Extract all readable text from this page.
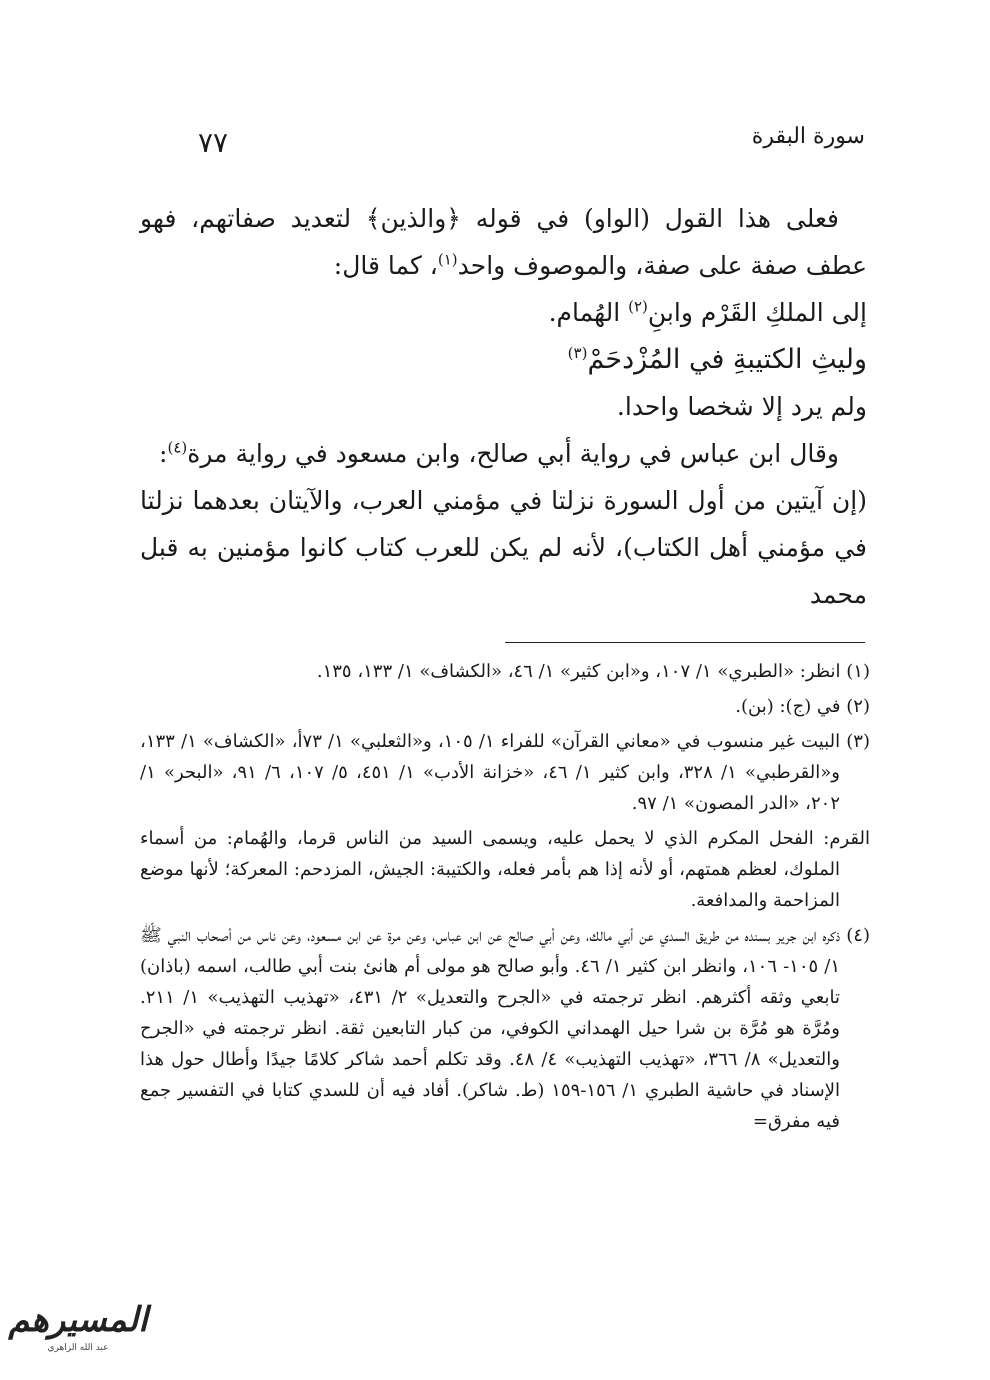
٧٧	سورة البقرة

فعلى هذا القول (الواو) في قوله ﴿والذين﴾ لتعديد صفاتهم، فهو عطف صفة على صفة، والموصوف واحد$^{(١)}$، كما قال:

إلى الملكِ القَرْم وابنِ$^{(٢)}$ الهُمام.

وليثِ الكتيبةِ في المُزْدحَمْ$^{(٣)}$

ولم يرد إلا شخصا واحدا.

وقال ابن عباس في رواية أبي صالح، وابن مسعود في رواية مرة$^{(٤)}$:

(إن آيتين من أول السورة نزلتا في مؤمني العرب، والآيتان بعدهما نزلتا في مؤمني أهل الكتاب)، لأنه لم يكن للعرب كتاب كانوا مؤمنين به قبل محمد

(١) انظر: «الطبري» ١/ ١٠٧، و«ابن كثير» ١/ ٤٦، «الكشاف» ١/ ١٣٣، ١٣٥.

(٢) في (ج): (بن).

(٣) البيت غير منسوب في «معاني القرآن» للفراء ١/ ١٠٥، و«الثعلبي» ١/ ٧٣أ، «الكشاف» ١/ ١٣٣، و«القرطبي» ١/ ٣٢٨، وابن كثير ١/ ٤٦، «خزانة الأدب» ١/ ٤٥١، ٥/ ١٠٧، ٦/ ٩١، «البحر» ١/ ٢٠٢، «الدر المصون» ١/ ٩٧.

القرم: الفحل المكرم الذي لا يحمل عليه، ويسمى السيد من الناس قرما، والهُمام: من أسماء الملوك، لعظم همتهم، أو لأنه إذا هم بأمر فعله، والكتيبة: الجيش، المزدحم: المعركة؛ لأنها موضع المزاحمة والمدافعة.

(٤) ذكره ابن جرير بسنده من طريق السدي عن أبي مالك، وعن أبي صالح عن ابن عباس، وعن مرة عن ابن مسعود، وعن ناس من أصحاب النبي ﷺ ١/ ١٠٥- ١٠٦، وانظر ابن كثير ١/ ٤٦. وأبو صالح هو مولى أم هانئ بنت أبي طالب، اسمه (باذان) تابعي وثقه أكثرهم. انظر ترجمته في «الجرح والتعديل» ٢/ ٤٣١، «تهذيب التهذيب» ١/ ٢١١. ومُرَّة هو مُرَّة بن شرا حيل الهمداني الكوفي، من كبار التابعين ثقة. انظر ترجمته في «الجرح والتعديل» ٨/ ٣٦٦، «تهذيب التهذيب» ٤/ ٤٨. وقد تكلم أحمد شاكر كلامًا جيدًا وأطال حول هذا الإسناد في حاشية الطبري ١/ ١٥٦-١٥٩ (ط. شاكر). أفاد فيه أن للسدي كتابا في التفسير جمع فيه مفرق=

المسيرهم
عبد الله الزاهري
